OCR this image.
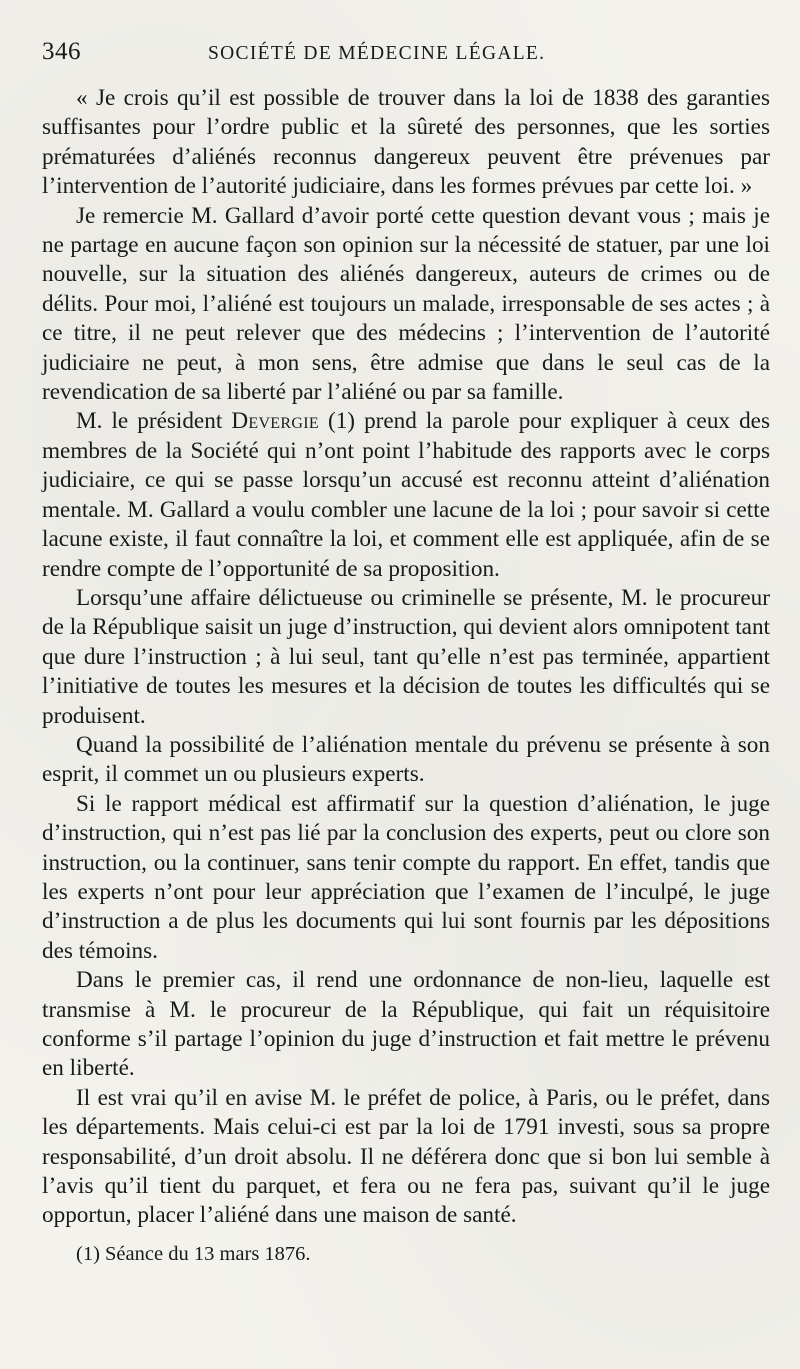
346	SOCIÉTÉ DE MÉDECINE LÉGALE.

« Je crois qu’il est possible de trouver dans la loi de 1838 des garanties suffisantes pour l’ordre public et la sûreté des personnes, que les sorties prématurées d’aliénés reconnus dangereux peuvent être prévenues par l’intervention de l’autorité judiciaire, dans les formes prévues par cette loi. »

Je remercie M. Gallard d’avoir porté cette question devant vous ; mais je ne partage en aucune façon son opinion sur la nécessité de statuer, par une loi nouvelle, sur la situation des aliénés dangereux, auteurs de crimes ou de délits. Pour moi, l’aliéné est toujours un malade, irresponsable de ses actes ; à ce titre, il ne peut relever que des médecins ; l’intervention de l’autorité judiciaire ne peut, à mon sens, être admise que dans le seul cas de la revendication de sa liberté par l’aliéné ou par sa famille.

M. le président Devergie (1) prend la parole pour expliquer à ceux des membres de la Société qui n’ont point l’habitude des rapports avec le corps judiciaire, ce qui se passe lorsqu’un accusé est reconnu atteint d’aliénation mentale. M. Gallard a voulu combler une lacune de la loi ; pour savoir si cette lacune existe, il faut connaître la loi, et comment elle est appliquée, afin de se rendre compte de l’opportunité de sa proposition.

Lorsqu’une affaire délictueuse ou criminelle se présente, M. le procureur de la République saisit un juge d’instruction, qui devient alors omnipotent tant que dure l’instruction ; à lui seul, tant qu’elle n’est pas terminée, appartient l’initiative de toutes les mesures et la décision de toutes les difficultés qui se produisent.

Quand la possibilité de l’aliénation mentale du prévenu se présente à son esprit, il commet un ou plusieurs experts.

Si le rapport médical est affirmatif sur la question d’aliénation, le juge d’instruction, qui n’est pas lié par la conclusion des experts, peut ou clore son instruction, ou la continuer, sans tenir compte du rapport. En effet, tandis que les experts n’ont pour leur appréciation que l’examen de l’inculpé, le juge d’instruction a de plus les documents qui lui sont fournis par les dépositions des témoins.

Dans le premier cas, il rend une ordonnance de non-lieu, laquelle est transmise à M. le procureur de la République, qui fait un réquisitoire conforme s’il partage l’opinion du juge d’instruction et fait mettre le prévenu en liberté.

Il est vrai qu’il en avise M. le préfet de police, à Paris, ou le préfet, dans les départements. Mais celui-ci est par la loi de 1791 investi, sous sa propre responsabilité, d’un droit absolu. Il ne déférera donc que si bon lui semble à l’avis qu’il tient du parquet, et fera ou ne fera pas, suivant qu’il le juge opportun, placer l’aliéné dans une maison de santé.

(1) Séance du 13 mars 1876.
